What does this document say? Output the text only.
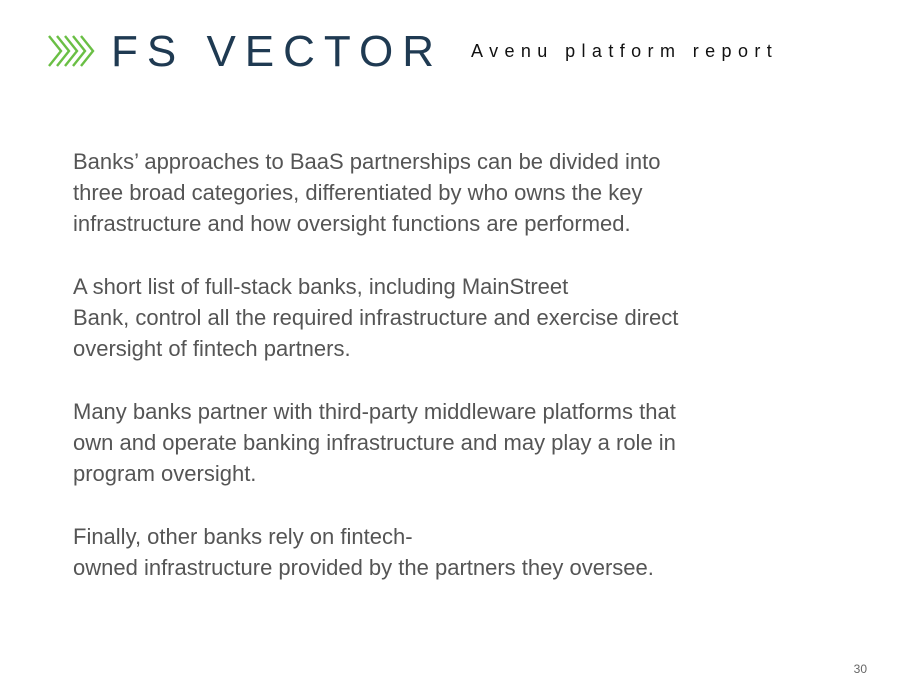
FS VECTOR Avenu platform report

Banks’ approaches to BaaS partnerships can be divided into
three broad categories, differentiated by who owns the key
infrastructure and how oversight functions are performed.

A short list of full-stack banks, including MainStreet
Bank, control all the required infrastructure and exercise direct
oversight of fintech partners.

Many banks partner with third-party middleware platforms that
own and operate banking infrastructure and may play a role in
program oversight.

Finally, other banks rely on fintech-
owned infrastructure provided by the partners they oversee.

30
